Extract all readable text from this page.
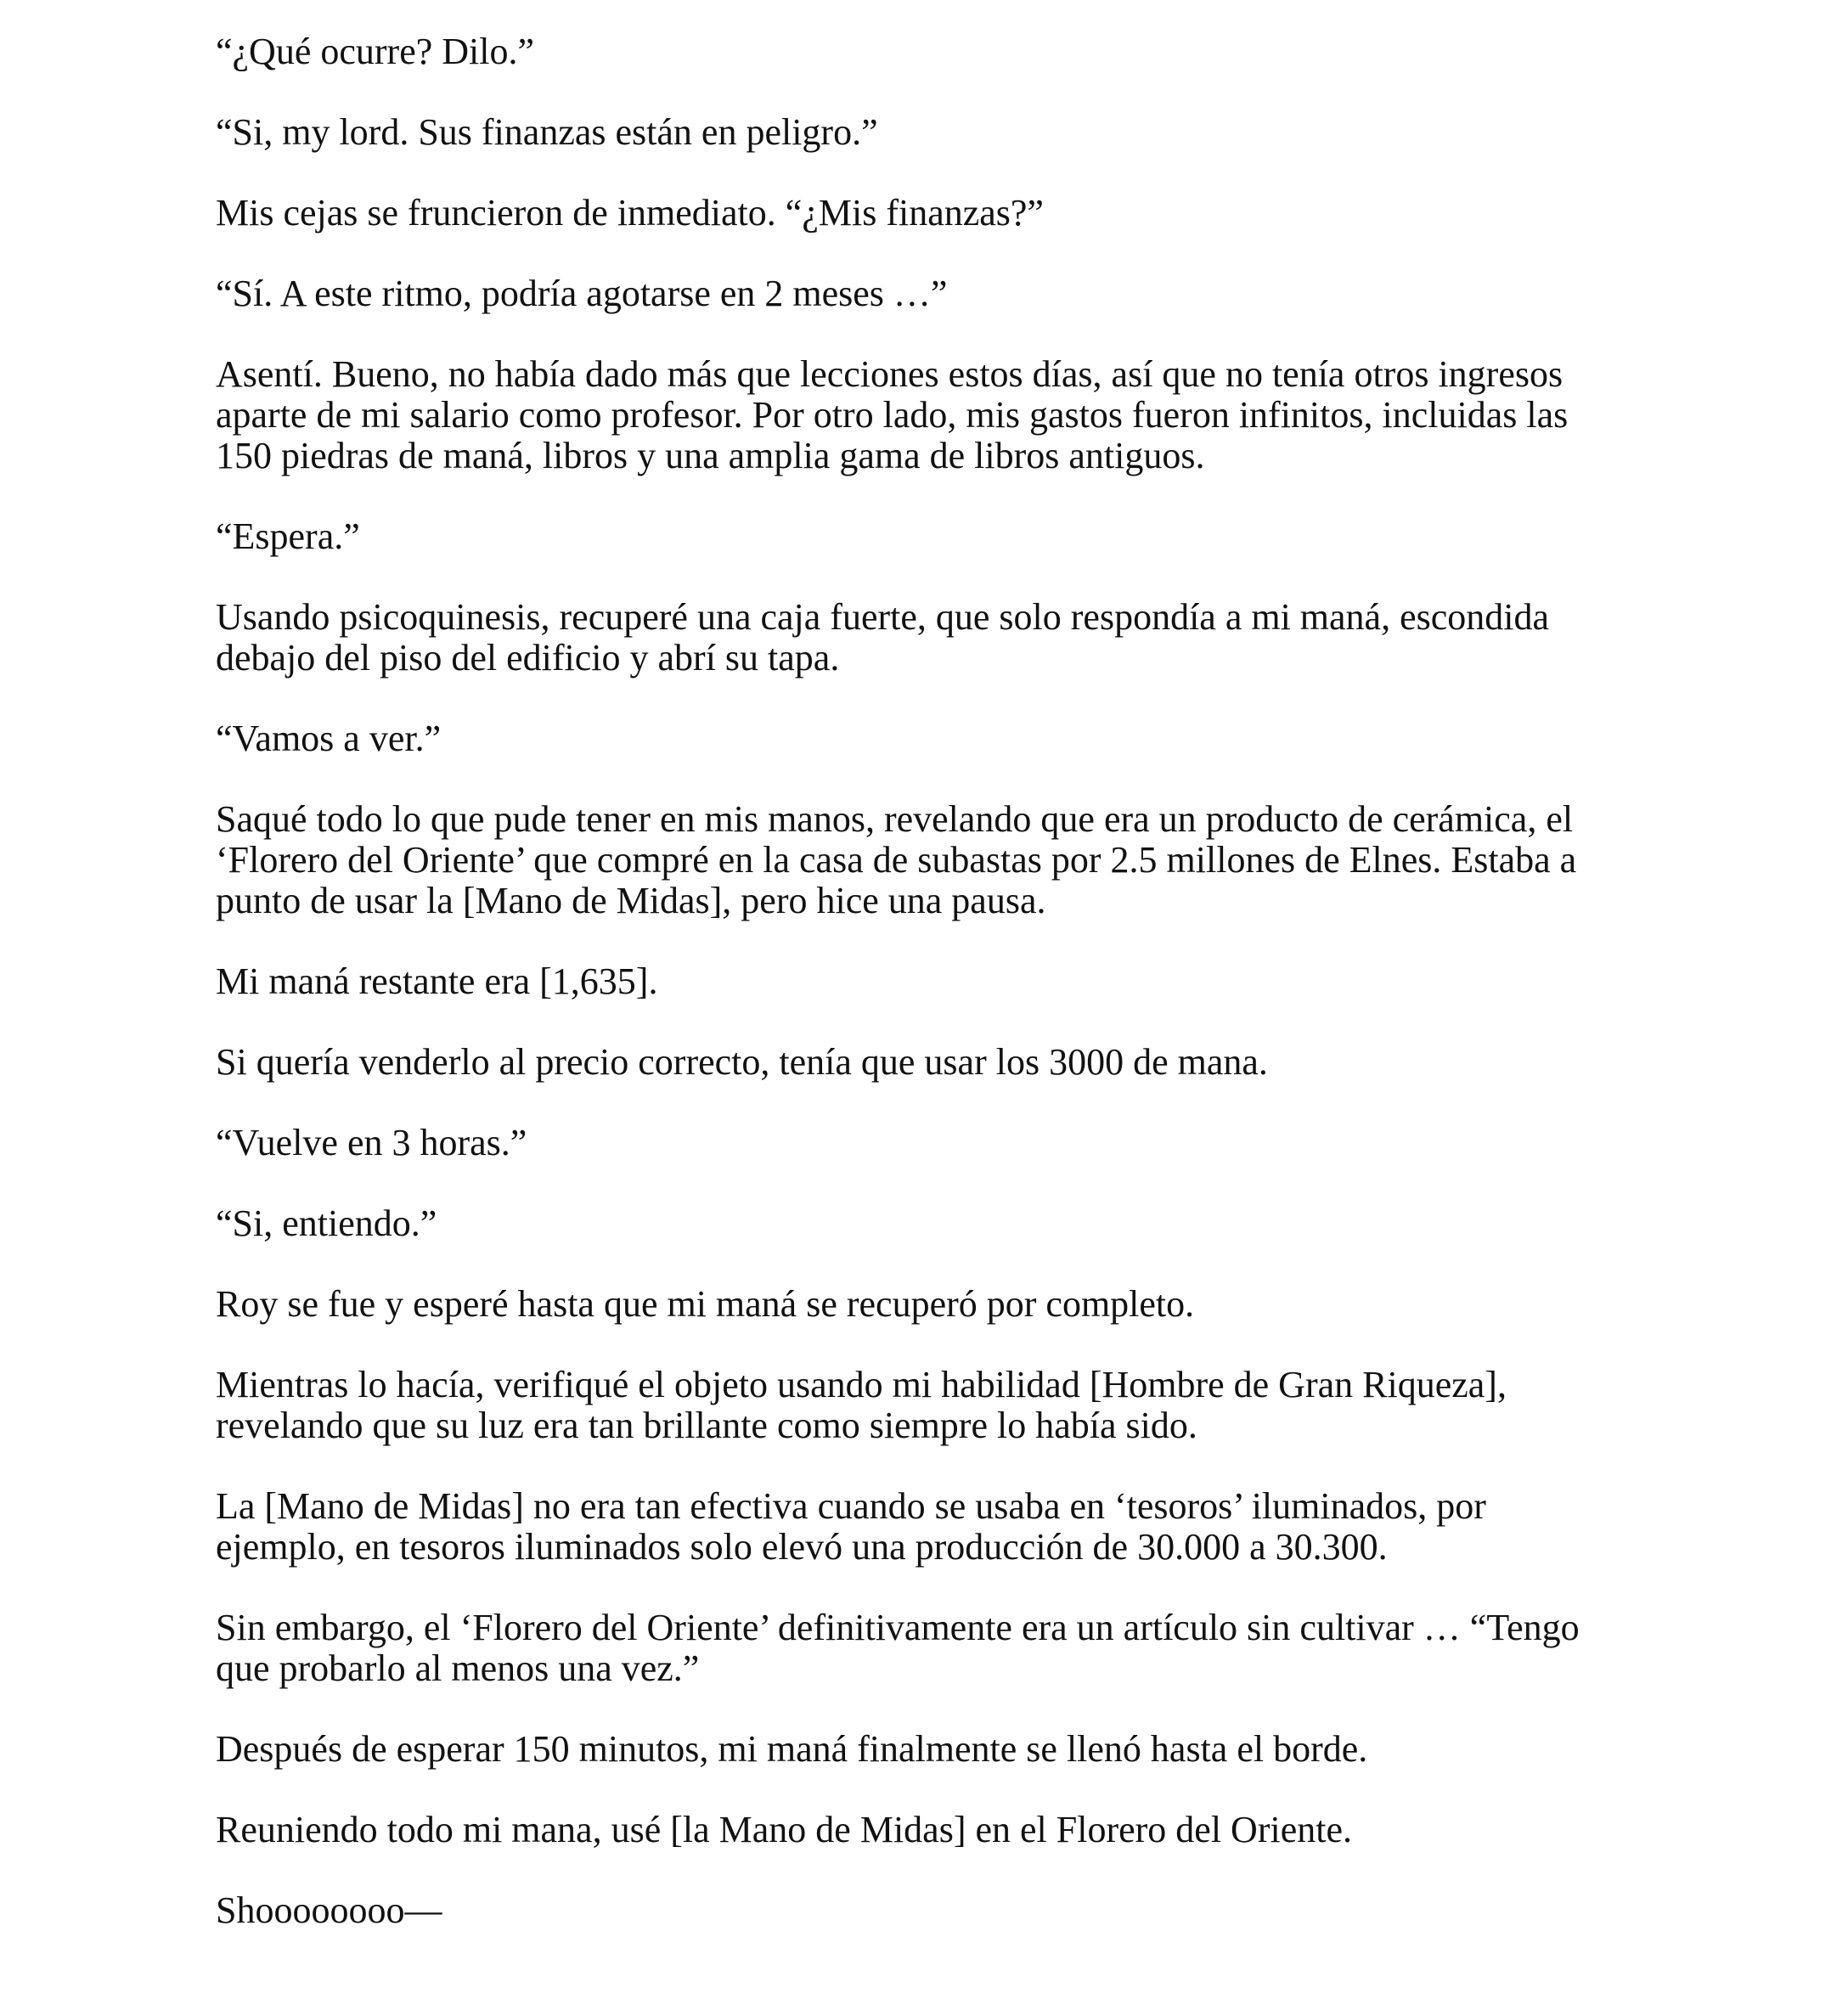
“¿Qué ocurre? Dilo.”

“Si, my lord. Sus finanzas están en peligro.”

Mis cejas se fruncieron de inmediato. “¿Mis finanzas?”

“Sí. A este ritmo, podría agotarse en 2 meses …”

Asentí. Bueno, no había dado más que lecciones estos días, así que no tenía otros ingresos aparte de mi salario como profesor. Por otro lado, mis gastos fueron infinitos, incluidas las 150 piedras de maná, libros y una amplia gama de libros antiguos.

“Espera.”

Usando psicoquinesis, recuperé una caja fuerte, que solo respondía a mi maná, escondida debajo del piso del edificio y abrí su tapa.

“Vamos a ver.”

Saqué todo lo que pude tener en mis manos, revelando que era un producto de cerámica, el ‘Florero del Oriente’ que compré en la casa de subastas por 2.5 millones de Elnes. Estaba a punto de usar la [Mano de Midas], pero hice una pausa.

Mi maná restante era [1,635].

Si quería venderlo al precio correcto, tenía que usar los 3000 de mana.

“Vuelve en 3 horas.”

“Si, entiendo.”

Roy se fue y esperé hasta que mi maná se recuperó por completo.

Mientras lo hacía, verifiqué el objeto usando mi habilidad [Hombre de Gran Riqueza], revelando que su luz era tan brillante como siempre lo había sido.

La [Mano de Midas] no era tan efectiva cuando se usaba en ‘tesoros’ iluminados, por ejemplo, en tesoros iluminados solo elevó una producción de 30.000 a 30.300.

Sin embargo, el ‘Florero del Oriente’ definitivamente era un artículo sin cultivar … “Tengo que probarlo al menos una vez.”

Después de esperar 150 minutos, mi maná finalmente se llenó hasta el borde.

Reuniendo todo mi mana, usé [la Mano de Midas] en el Florero del Oriente.

Shoooooooo—
